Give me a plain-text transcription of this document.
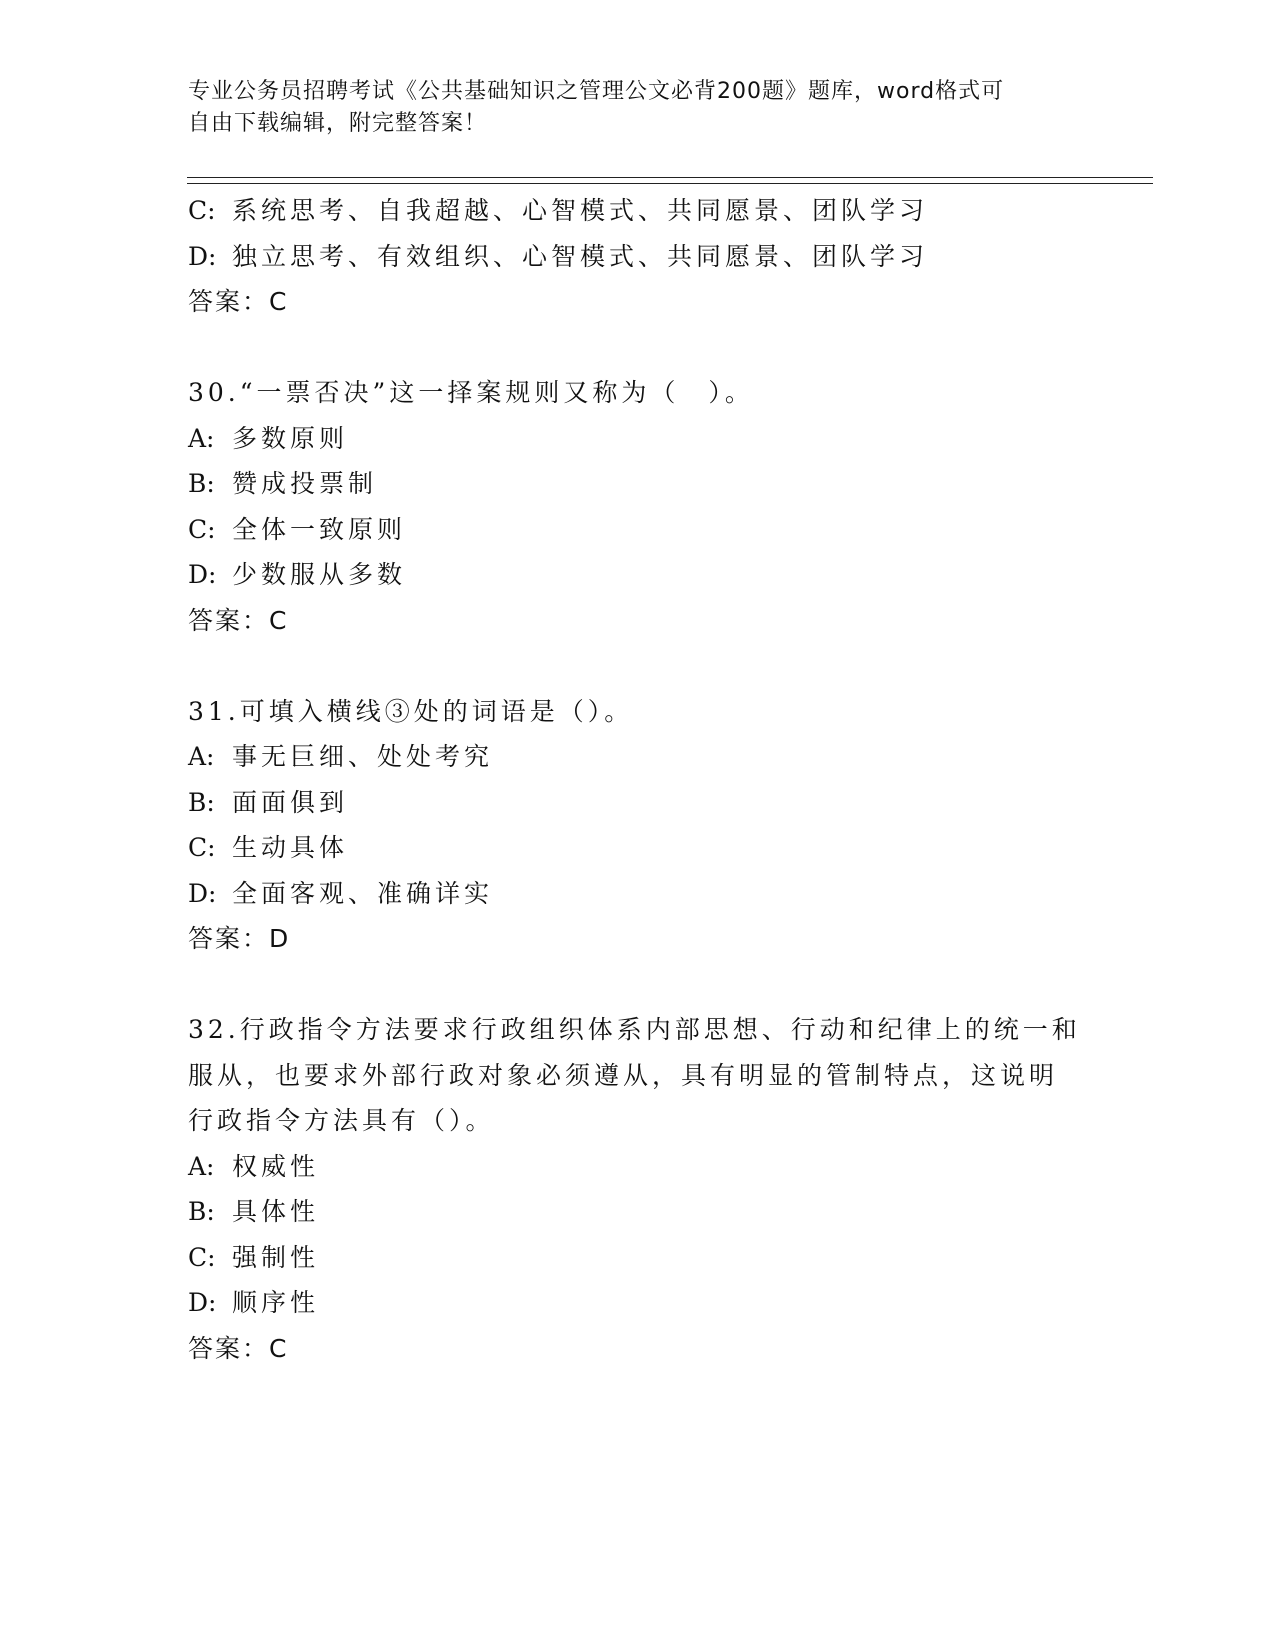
专业公务员招聘考试《公共基础知识之管理公文必背200题》题库，word格式可
自由下载编辑，附完整答案！
C: 系统思考、自我超越、心智模式、共同愿景、团队学习
D: 独立思考、有效组织、心智模式、共同愿景、团队学习
答案：C
30.“一票否决”这一择案规则又称为（　）。
A: 多数原则
B: 赞成投票制
C: 全体一致原则
D: 少数服从多数
答案：C
31.可填入横线③处的词语是（）。
A: 事无巨细、处处考究
B: 面面俱到
C: 生动具体
D: 全面客观、准确详实
答案：D
32.行政指令方法要求行政组织体系内部思想、行动和纪律上的统一和
服从，也要求外部行政对象必须遵从，具有明显的管制特点，这说明
行政指令方法具有（）。
A: 权威性
B: 具体性
C: 强制性
D: 顺序性
答案：C
